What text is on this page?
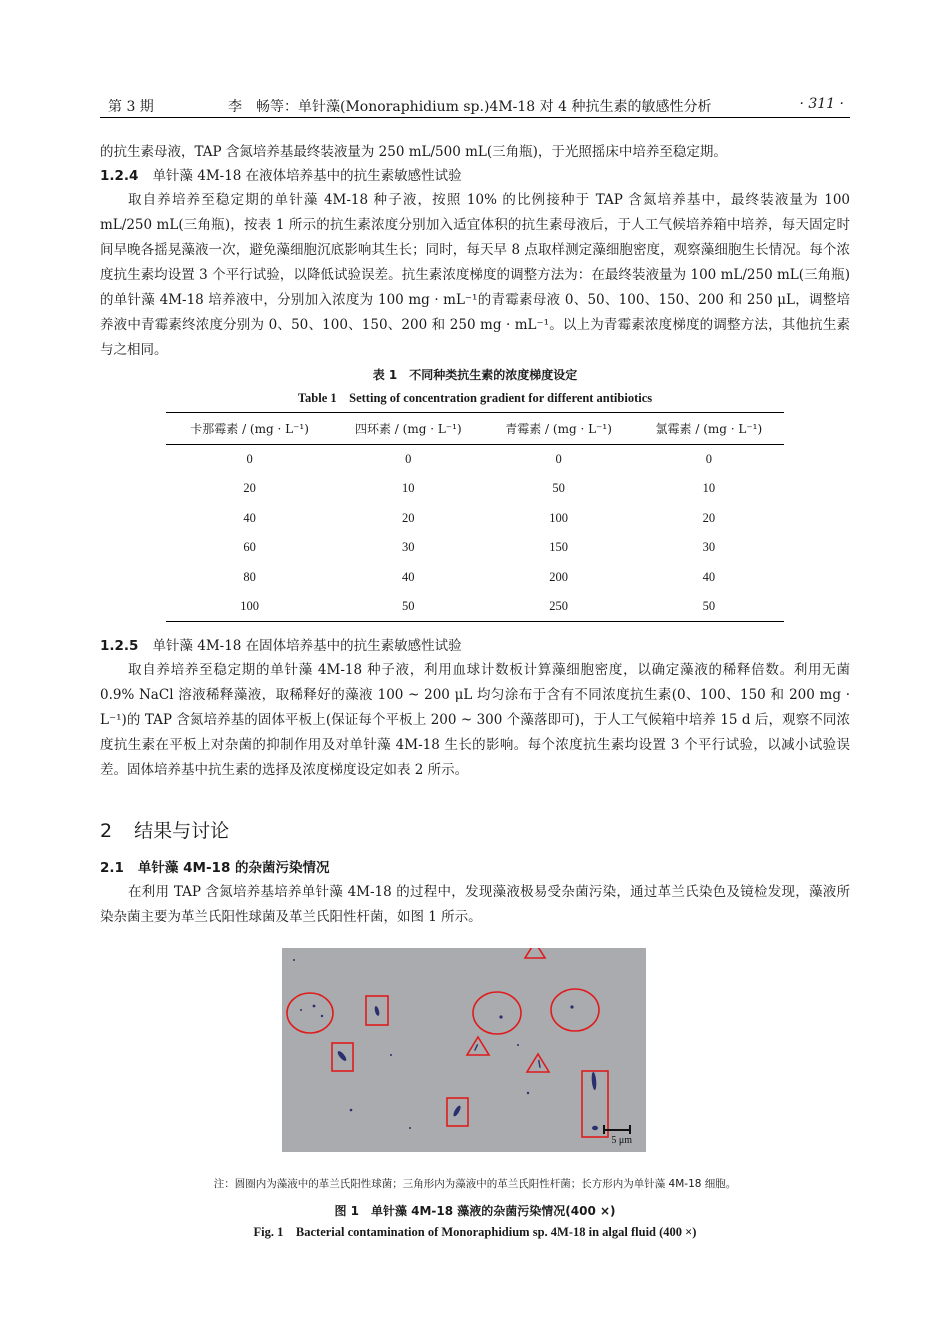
第 3 期	李　畅等：单针藻(Monoraphidium sp.)4M-18 对 4 种抗生素的敏感性分析	· 311 ·
的抗生素母液，TAP 含氮培养基最终装液量为 250 mL/500 mL(三角瓶)，于光照摇床中培养至稳定期。
1.2.4 单针藻 4M-18 在液体培养基中的抗生素敏感性试验
取自养培养至稳定期的单针藻 4M-18 种子液，按照 10% 的比例接种于 TAP 含氮培养基中，最终装液量为 100 mL/250 mL(三角瓶)，按表 1 所示的抗生素浓度分别加入适宜体积的抗生素母液后，于人工气候培养箱中培养，每天固定时间早晚各摇晃藻液一次，避免藻细胞沉底影响其生长；同时，每天早 8 点取样测定藻细胞密度，观察藻细胞生长情况。每个浓度抗生素均设置 3 个平行试验，以降低试验误差。抗生素浓度梯度的调整方法为：在最终装液量为 100 mL/250 mL(三角瓶)的单针藻 4M-18 培养液中，分别加入浓度为 100 mg · mL⁻¹的青霉素母液 0、50、100、150、200 和 250 μL，调整培养液中青霉素终浓度分别为 0、50、100、150、200 和 250 mg · mL⁻¹。以上为青霉素浓度梯度的调整方法，其他抗生素与之相同。
表 1　不同种类抗生素的浓度梯度设定
Table 1　Setting of concentration gradient for different antibiotics
卡那霉素 / (mg · L⁻¹)	四环素 / (mg · L⁻¹)	青霉素 / (mg · L⁻¹)	氯霉素 / (mg · L⁻¹)
0	0	0	0
20	10	50	10
40	20	100	20
60	30	150	30
80	40	200	40
100	50	250	50
1.2.5 单针藻 4M-18 在固体培养基中的抗生素敏感性试验
取自养培养至稳定期的单针藻 4M-18 种子液，利用血球计数板计算藻细胞密度，以确定藻液的稀释倍数。利用无菌 0.9% NaCl 溶液稀释藻液，取稀释好的藻液 100 ~ 200 μL 均匀涂布于含有不同浓度抗生素(0、100、150 和 200 mg · L⁻¹)的 TAP 含氮培养基的固体平板上(保证每个平板上 200 ~ 300 个藻落即可)，于人工气候箱中培养 15 d 后，观察不同浓度抗生素在平板上对杂菌的抑制作用及对单针藻 4M-18 生长的影响。每个浓度抗生素均设置 3 个平行试验，以减小试验误差。固体培养基中抗生素的选择及浓度梯度设定如表 2 所示。
2 结果与讨论
2.1 单针藻 4M-18 的杂菌污染情况
在利用 TAP 含氮培养基培养单针藻 4M-18 的过程中，发现藻液极易受杂菌污染，通过革兰氏染色及镜检发现，藻液所染杂菌主要为革兰氏阳性球菌及革兰氏阳性杆菌，如图 1 所示。
5 μm
注：圆圈内为藻液中的革兰氏阳性球菌；三角形内为藻液中的革兰氏阳性杆菌；长方形内为单针藻 4M-18 细胞。
图 1　单针藻 4M-18 藻液的杂菌污染情况(400 ×)
Fig. 1　Bacterial contamination of Monoraphidium sp. 4M-18 in algal fluid (400 ×)
